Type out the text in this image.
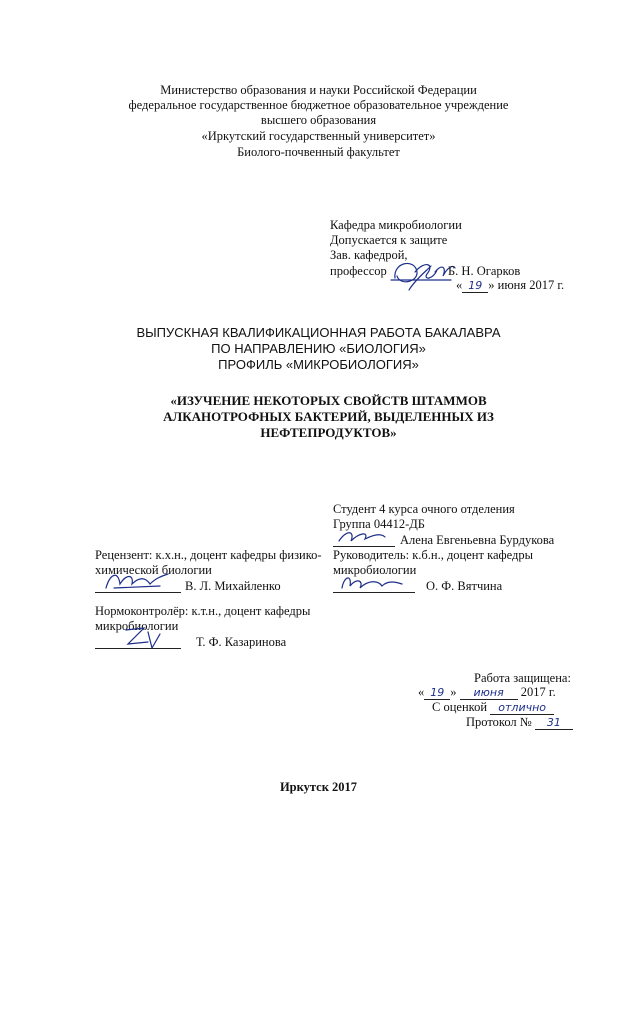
Министерство образования и науки Российской Федерации
федеральное государственное бюджетное образовательное учреждение
высшего образования
«Иркутский государственный университет»
Биолого-почвенный факультет
Кафедра микробиологии
Допускается к защите
Зав. кафедрой,
профессор	Б. Н. Огарков
« 19 » июня 2017 г.
ВЫПУСКНАЯ КВАЛИФИКАЦИОННАЯ РАБОТА БАКАЛАВРА
ПО НАПРАВЛЕНИЮ «БИОЛОГИЯ»
ПРОФИЛЬ «МИКРОБИОЛОГИЯ»
«ИЗУЧЕНИЕ НЕКОТОРЫХ СВОЙСТВ ШТАММОВ
АЛКАНОТРОФНЫХ БАКТЕРИЙ, ВЫДЕЛЕННЫХ ИЗ
НЕФТЕПРОДУКТОВ»
Студент 4 курса очного отделения
Группа 04412-ДБ
Алена Евгеньевна Бурдукова
Руководитель: к.б.н., доцент кафедры
микробиологии
О. Ф. Вятчина
Рецензент: к.х.н., доцент кафедры физико-
химической биологии
В. Л. Михайленко
Нормоконтролёр: к.т.н., доцент кафедры
микробиологии
Т. Ф. Казаринова
Работа защищена:
« 19 » июня 2017 г.
С оценкой отлично
Протокол № 31
Иркутск 2017
